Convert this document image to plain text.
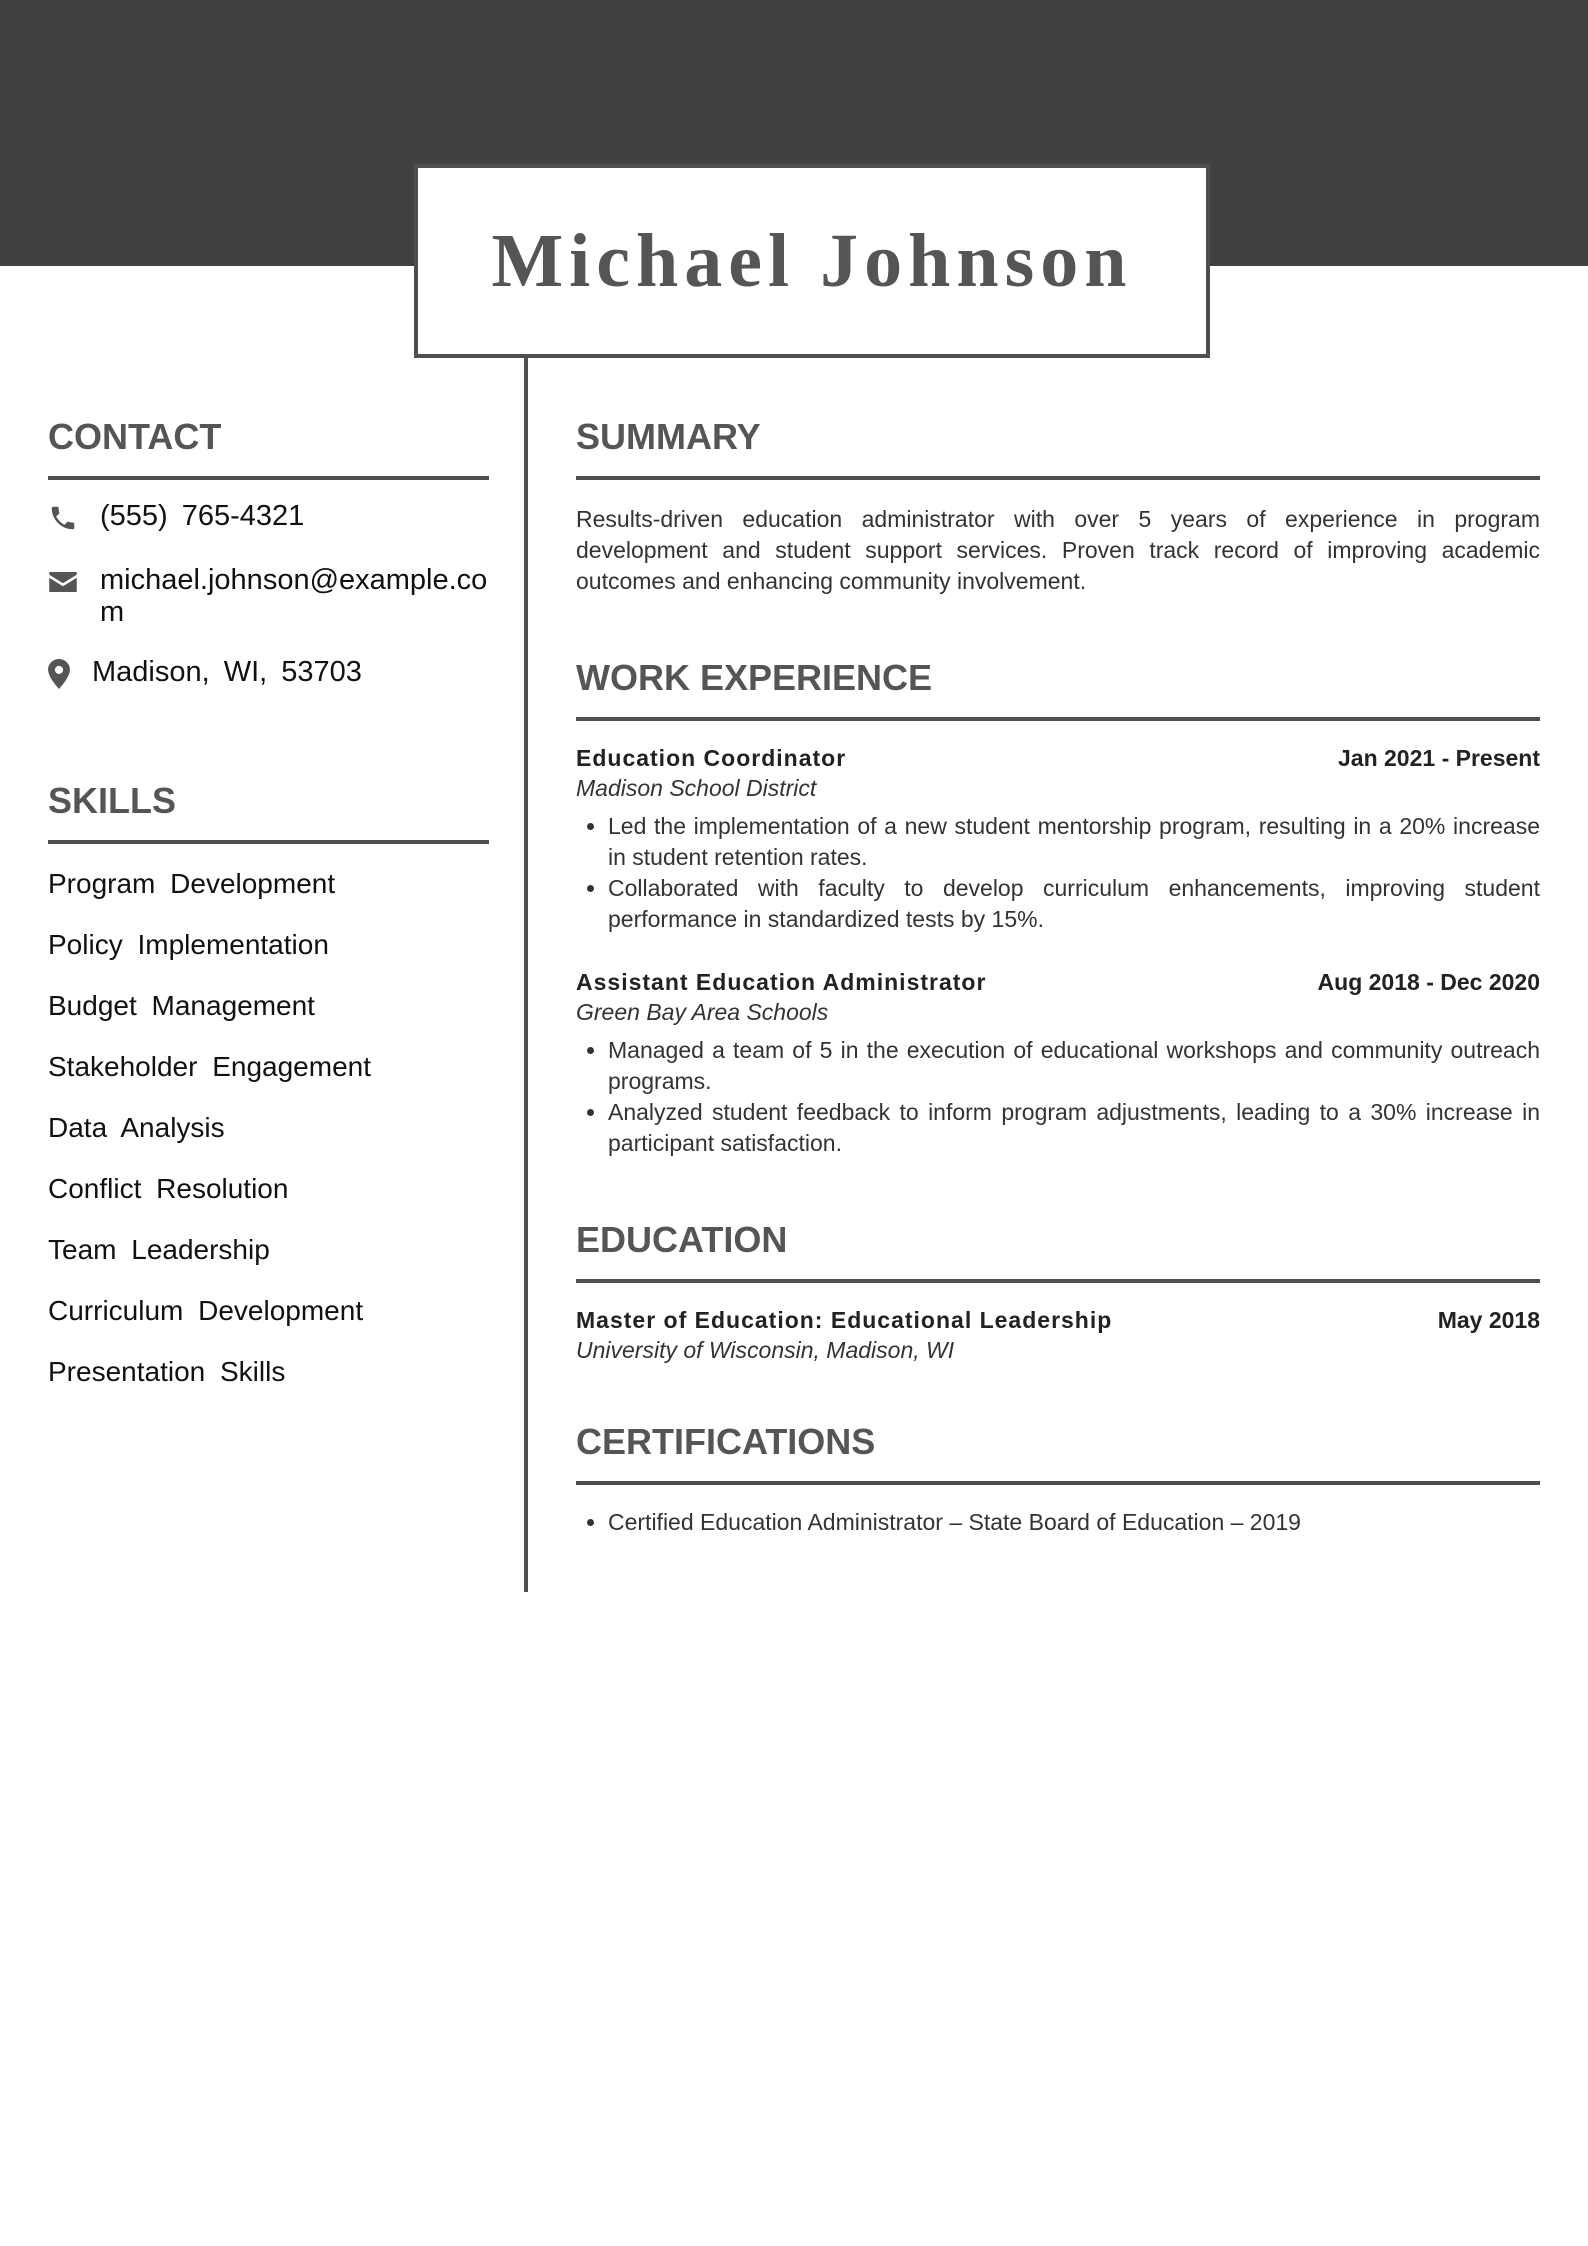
Michael Johnson
CONTACT
(555) 765-4321
michael.johnson@example.com
Madison, WI, 53703
SKILLS
Program Development
Policy Implementation
Budget Management
Stakeholder Engagement
Data Analysis
Conflict Resolution
Team Leadership
Curriculum Development
Presentation Skills
SUMMARY

Results-driven education administrator with over 5 years of experience in program development and student support services. Proven track record of improving academic outcomes and enhancing community involvement.

WORK EXPERIENCE
Education Coordinator	Jan 2021 - Present
Madison School District
• Led the implementation of a new student mentorship program, resulting in a 20% increase in student retention rates.
• Collaborated with faculty to develop curriculum enhancements, improving student performance in standardized tests by 15%.
Assistant Education Administrator	Aug 2018 - Dec 2020
Green Bay Area Schools
• Managed a team of 5 in the execution of educational workshops and community outreach programs.
• Analyzed student feedback to inform program adjustments, leading to a 30% increase in participant satisfaction.
EDUCATION
Master of Education: Educational Leadership	May 2018
University of Wisconsin, Madison, WI
CERTIFICATIONS
• Certified Education Administrator – State Board of Education – 2019
